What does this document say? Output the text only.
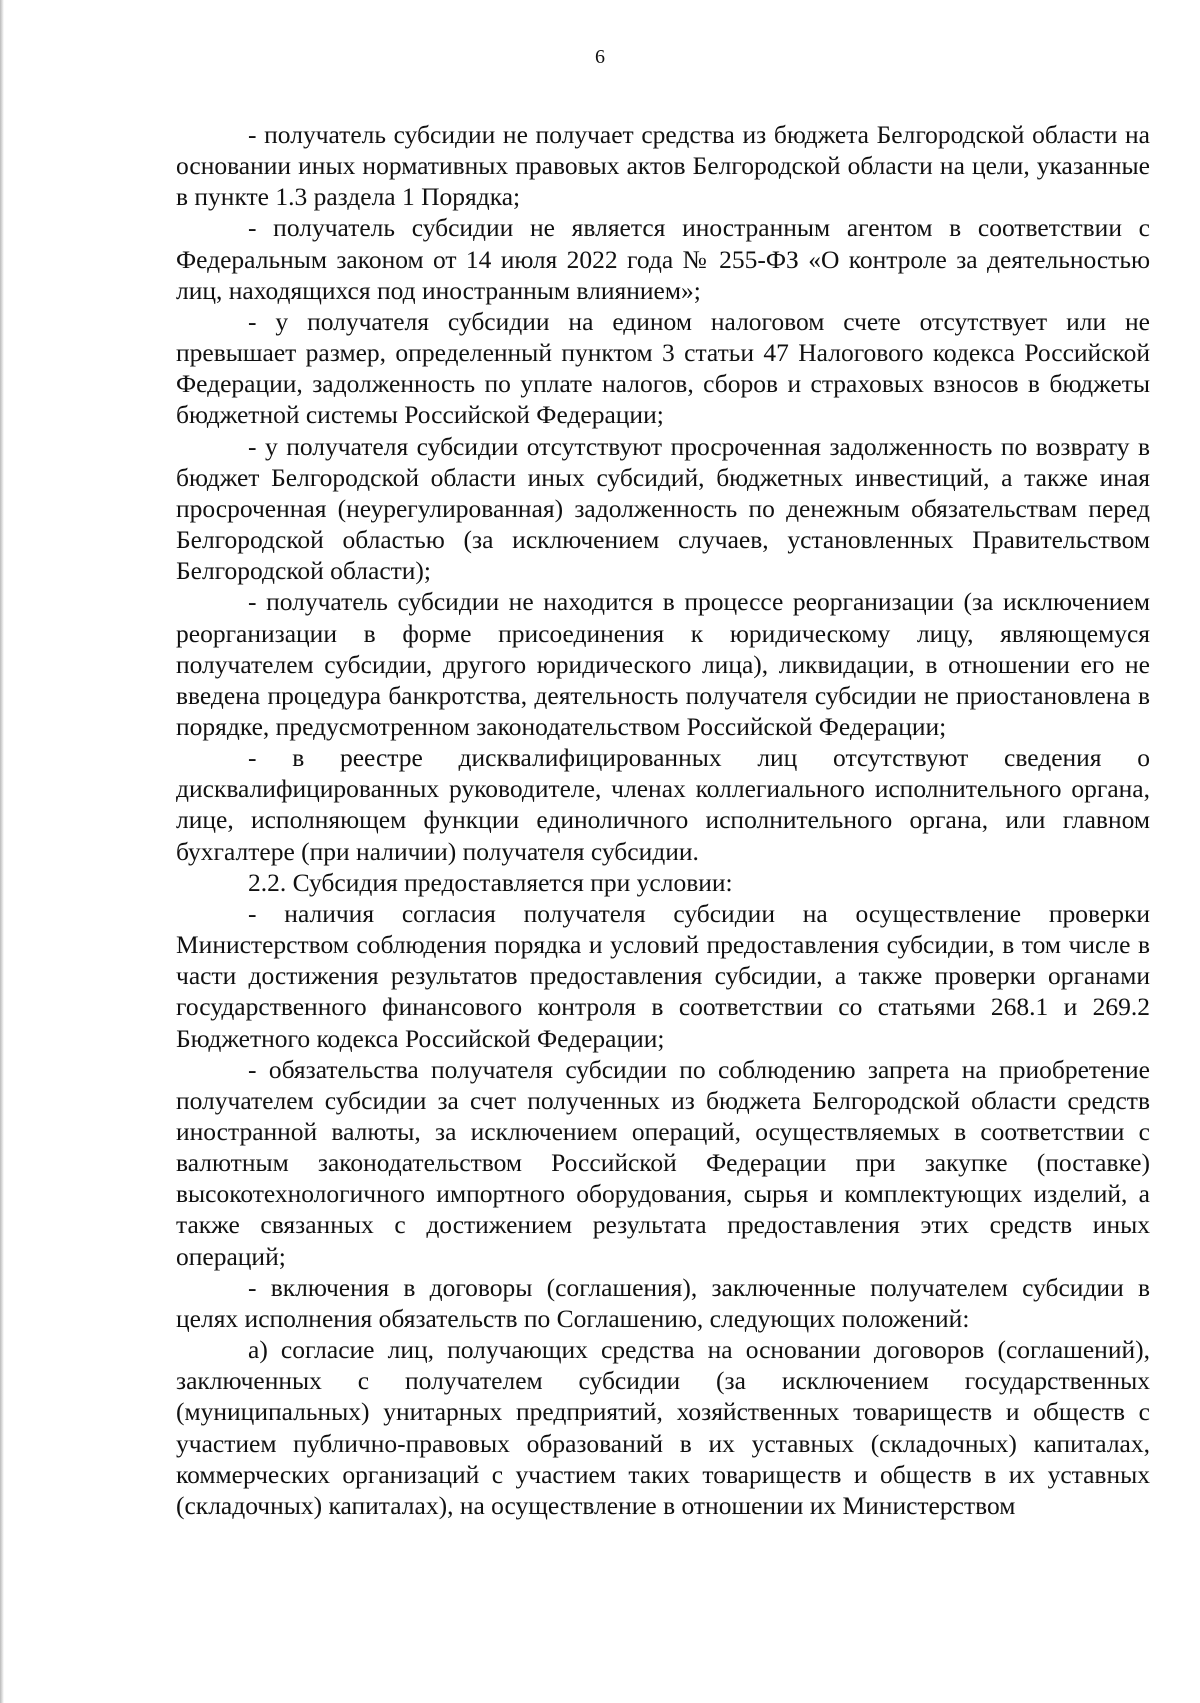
6

- получатель субсидии не получает средства из бюджета Белгородской области на основании иных нормативных правовых актов Белгородской области на цели, указанные в пункте 1.3 раздела 1 Порядка;

- получатель субсидии не является иностранным агентом в соответствии с Федеральным законом от 14 июля 2022 года № 255-ФЗ «О контроле за деятельностью лиц, находящихся под иностранным влиянием»;

- у получателя субсидии на едином налоговом счете отсутствует или не превышает размер, определенный пунктом 3 статьи 47 Налогового кодекса Российской Федерации, задолженность по уплате налогов, сборов и страховых взносов в бюджеты бюджетной системы Российской Федерации;

- у получателя субсидии отсутствуют просроченная задолженность по возврату в бюджет Белгородской области иных субсидий, бюджетных инвестиций, а также иная просроченная (неурегулированная) задолженность по денежным обязательствам перед Белгородской областью (за исключением случаев, установленных Правительством Белгородской области);

- получатель субсидии не находится в процессе реорганизации (за исключением реорганизации в форме присоединения к юридическому лицу, являющемуся получателем субсидии, другого юридического лица), ликвидации, в отношении его не введена процедура банкротства, деятельность получателя субсидии не приостановлена в порядке, предусмотренном законодательством Российской Федерации;

- в реестре дисквалифицированных лиц отсутствуют сведения о дисквалифицированных руководителе, членах коллегиального исполнительного органа, лице, исполняющем функции единоличного исполнительного органа, или главном бухгалтере (при наличии) получателя субсидии.

2.2. Субсидия предоставляется при условии:

- наличия согласия получателя субсидии на осуществление проверки Министерством соблюдения порядка и условий предоставления субсидии, в том числе в части достижения результатов предоставления субсидии, а также проверки органами государственного финансового контроля в соответствии со статьями 268.1 и 269.2 Бюджетного кодекса Российской Федерации;

- обязательства получателя субсидии по соблюдению запрета на приобретение получателем субсидии за счет полученных из бюджета Белгородской области средств иностранной валюты, за исключением операций, осуществляемых в соответствии с валютным законодательством Российской Федерации при закупке (поставке) высокотехнологичного импортного оборудования, сырья и комплектующих изделий, а также связанных с достижением результата предоставления этих средств иных операций;

- включения в договоры (соглашения), заключенные получателем субсидии в целях исполнения обязательств по Соглашению, следующих положений:

а) согласие лиц, получающих средства на основании договоров (соглашений), заключенных с получателем субсидии (за исключением государственных (муниципальных) унитарных предприятий, хозяйственных товариществ и обществ с участием публично-правовых образований в их уставных (складочных) капиталах, коммерческих организаций с участием таких товариществ и обществ в их уставных (складочных) капиталах), на осуществление в отношении их Министерством
